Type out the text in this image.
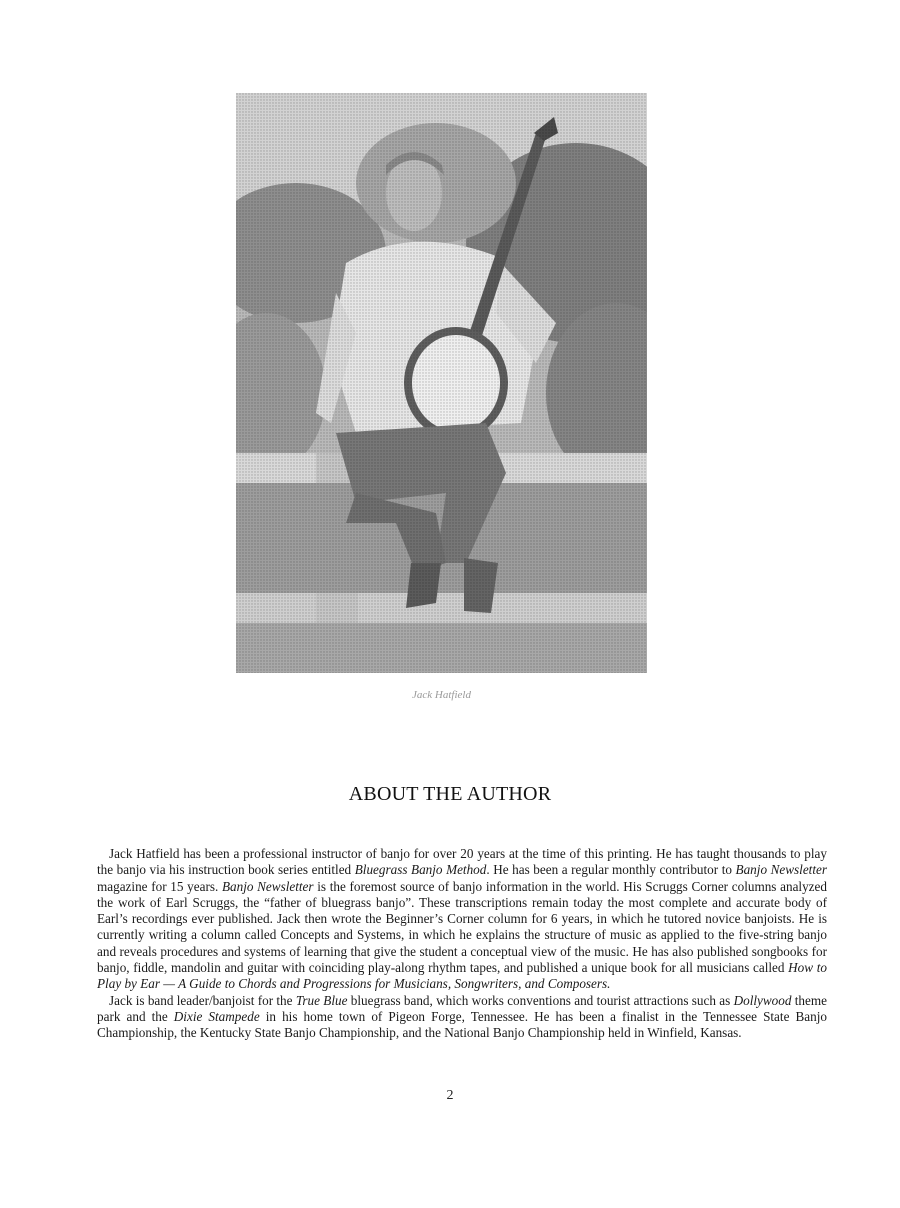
Jack Hatfield
ABOUT THE AUTHOR

Jack Hatfield has been a professional instructor of banjo for over 20 years at the time of this printing. He has taught thousands to play the banjo via his instruction book series entitled Bluegrass Banjo Method. He has been a regular monthly contributor to Banjo Newsletter magazine for 15 years. Banjo Newsletter is the foremost source of banjo information in the world. His Scruggs Corner columns analyzed the work of Earl Scruggs, the “father of bluegrass banjo”. These transcriptions remain today the most complete and accurate body of Earl’s recordings ever published. Jack then wrote the Beginner’s Corner column for 6 years, in which he tutored novice banjoists. He is currently writing a column called Concepts and Systems, in which he explains the structure of music as applied to the five-string banjo and reveals procedures and systems of learning that give the student a conceptual view of the music. He has also published songbooks for banjo, fiddle, mandolin and guitar with coinciding play-along rhythm tapes, and published a unique book for all musicians called How to Play by Ear — A Guide to Chords and Progressions for Musicians, Songwriters, and Composers.

Jack is band leader/banjoist for the True Blue bluegrass band, which works conventions and tourist attractions such as Dollywood theme park and the Dixie Stampede in his home town of Pigeon Forge, Tennessee. He has been a finalist in the Tennessee State Banjo Championship, the Kentucky State Banjo Championship, and the National Banjo Championship held in Winfield, Kansas.

2
